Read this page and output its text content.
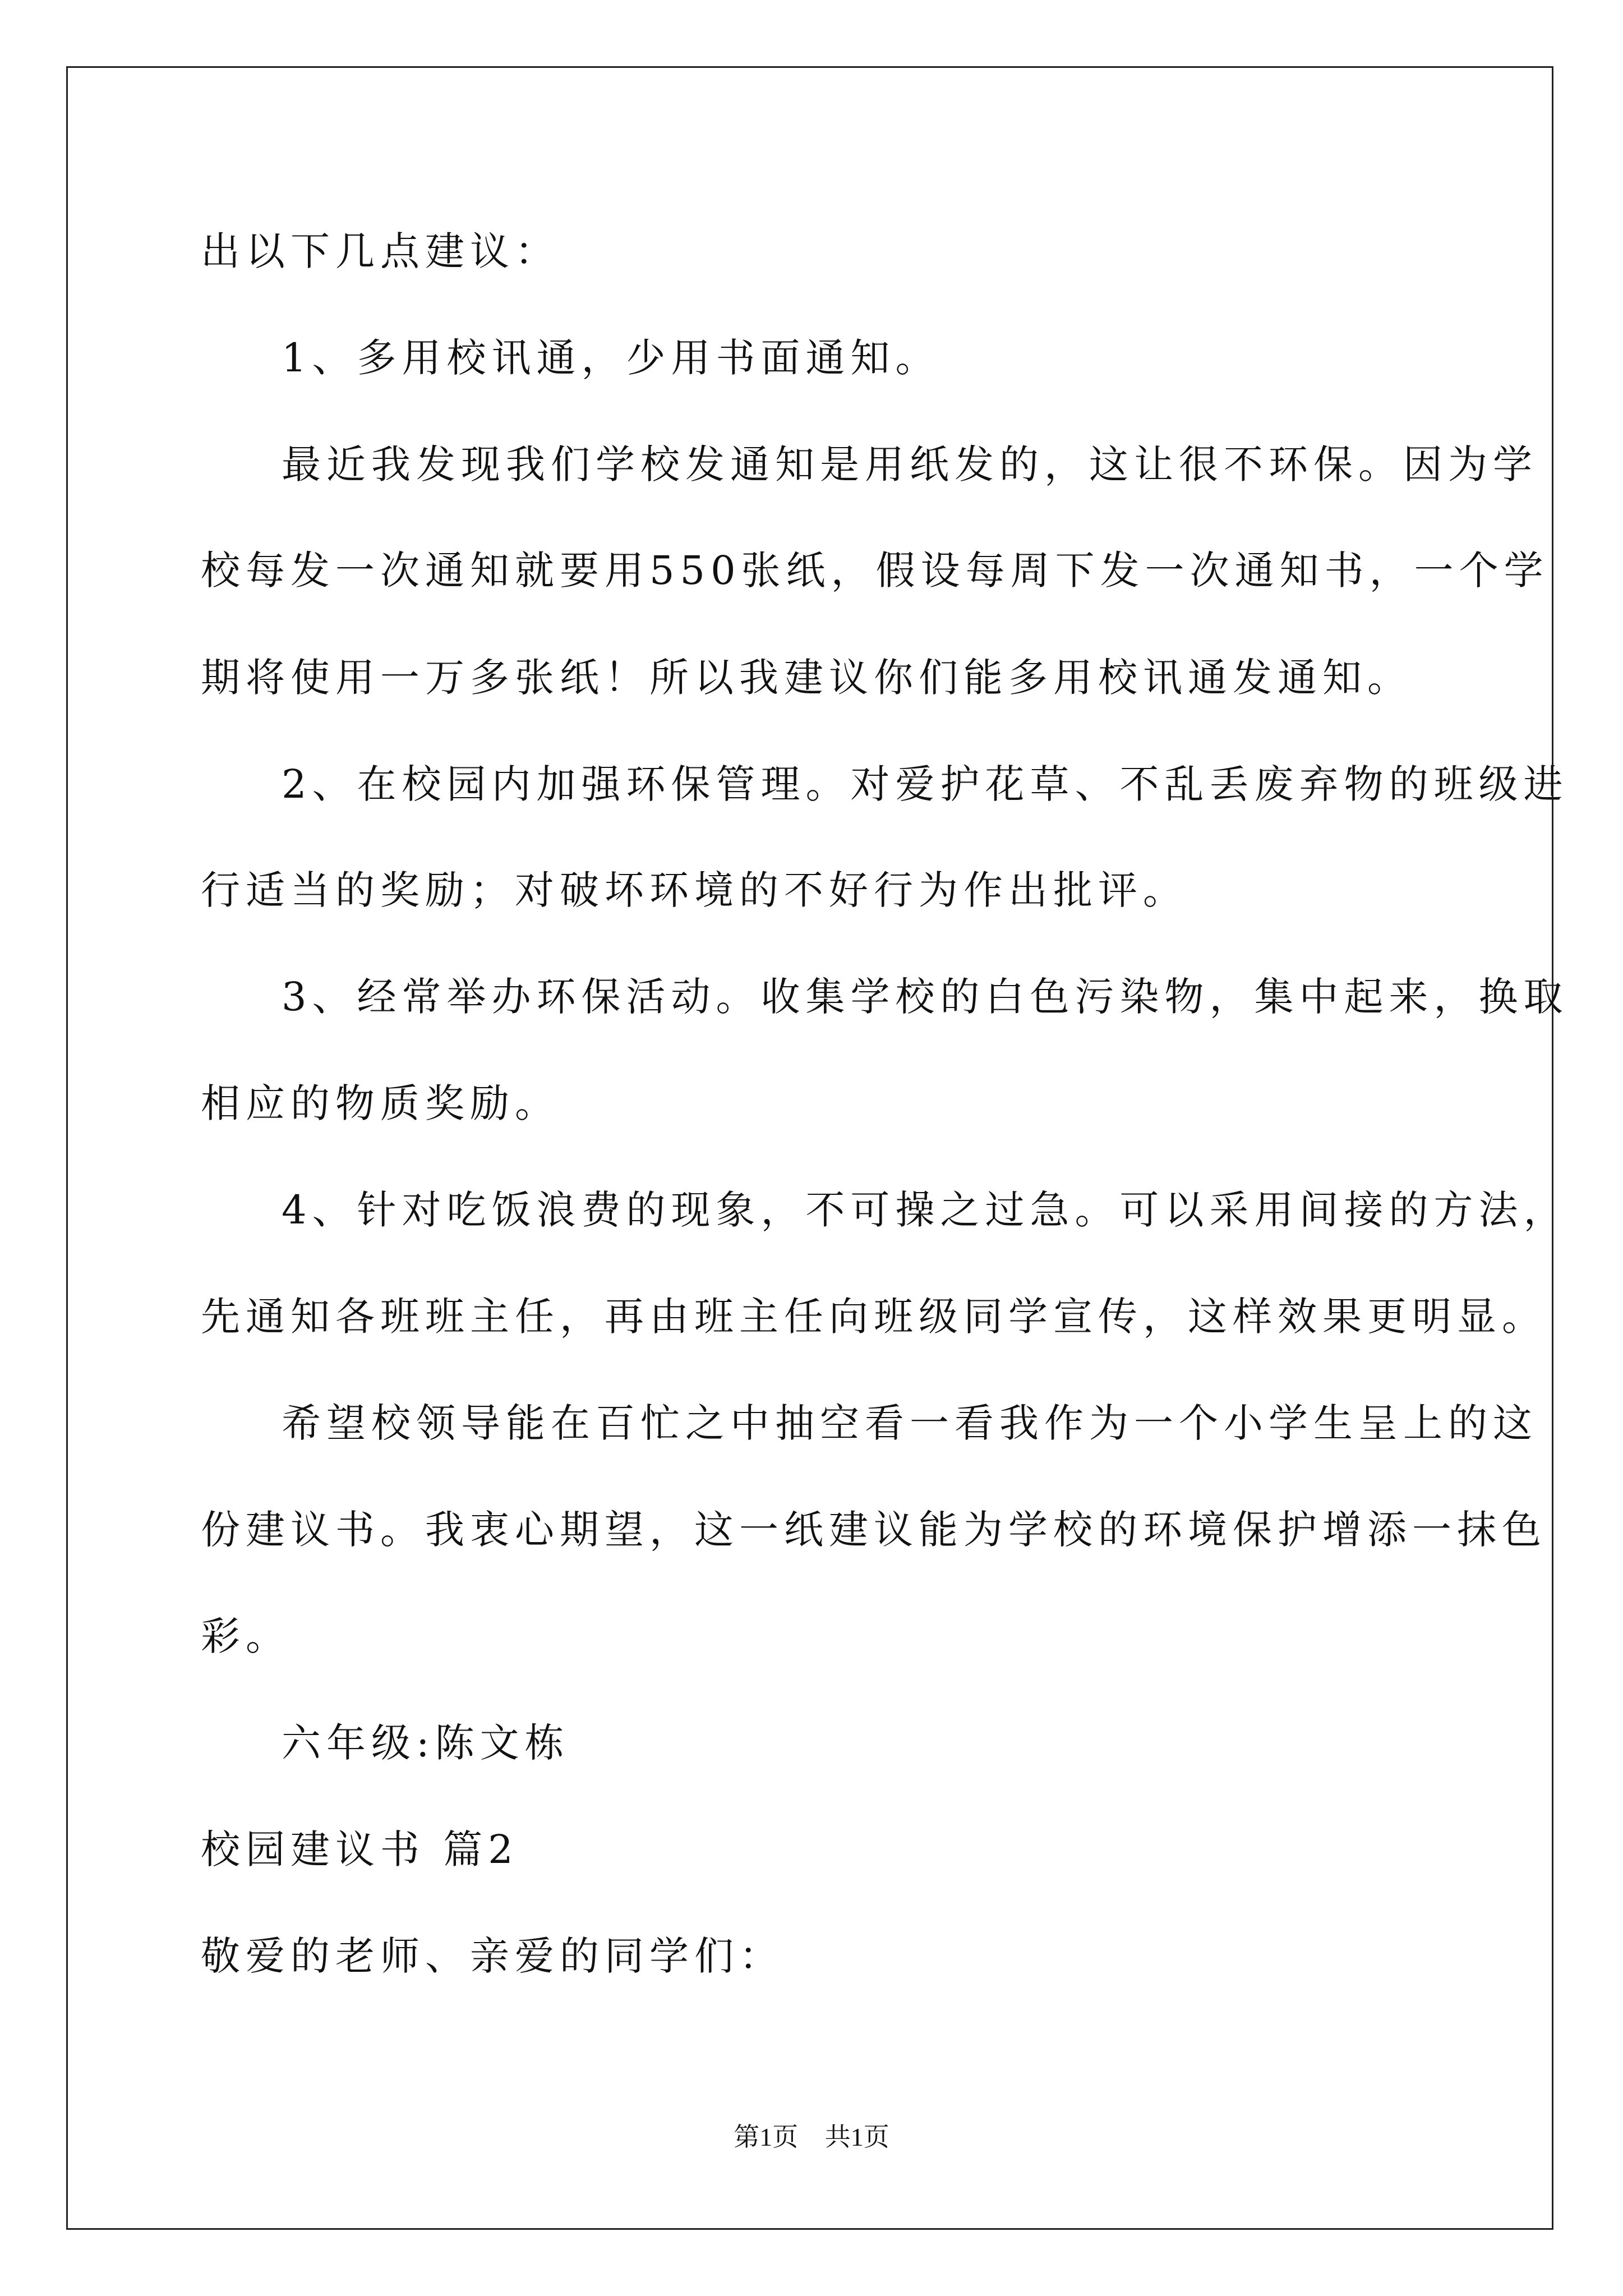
出以下几点建议：
1、多用校讯通，少用书面通知。
最近我发现我们学校发通知是用纸发的，这让很不环保。因为学
校每发一次通知就要用550张纸，假设每周下发一次通知书，一个学
期将使用一万多张纸！所以我建议你们能多用校讯通发通知。
2、在校园内加强环保管理。对爱护花草、不乱丢废弃物的班级进
行适当的奖励；对破坏环境的不好行为作出批评。
3、经常举办环保活动。收集学校的白色污染物，集中起来，换取
相应的物质奖励。
4、针对吃饭浪费的现象，不可操之过急。可以采用间接的方法，
先通知各班班主任，再由班主任向班级同学宣传，这样效果更明显。
希望校领导能在百忙之中抽空看一看我作为一个小学生呈上的这
份建议书。我衷心期望，这一纸建议能为学校的环境保护增添一抹色
彩。
六年级:陈文栋
校园建议书 篇2
敬爱的老师、亲爱的同学们：
第1页 共1页
